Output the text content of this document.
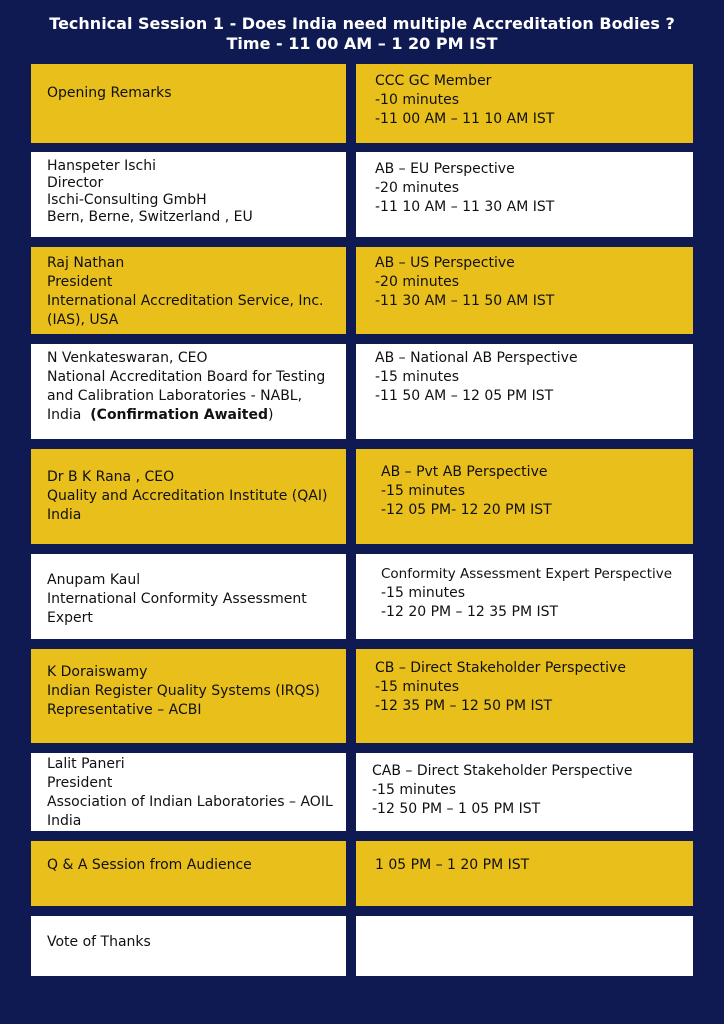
Technical Session 1 - Does India need multiple Accreditation Bodies ?
Time - 11 00 AM – 1 20 PM IST
Opening Remarks
CCC GC Member
-10 minutes
-11 00 AM – 11 10 AM IST
Hanspeter Ischi
Director
Ischi-Consulting GmbH
Bern, Berne, Switzerland , EU
AB – EU Perspective
-20 minutes
-11 10 AM – 11 30 AM IST
Raj Nathan
President
International Accreditation Service, Inc.
(IAS), USA
AB – US Perspective
-20 minutes
-11 30 AM – 11 50 AM IST
N Venkateswaran, CEO
National Accreditation Board for Testing
and Calibration Laboratories - NABL,
India  (Confirmation Awaited)
AB – National AB Perspective
-15 minutes
-11 50 AM – 12 05 PM IST
Dr B K Rana , CEO
Quality and Accreditation Institute (QAI)
India
AB – Pvt AB Perspective
-15 minutes
-12 05 PM- 12 20 PM IST
Anupam Kaul
International Conformity Assessment
Expert
Conformity Assessment Expert Perspective
-15 minutes
-12 20 PM – 12 35 PM IST
K Doraiswamy
Indian Register Quality Systems (IRQS)
Representative – ACBI
CB – Direct Stakeholder Perspective
-15 minutes
-12 35 PM – 12 50 PM IST
Lalit Paneri
President
Association of Indian Laboratories – AOIL
India
CAB – Direct Stakeholder Perspective
-15 minutes
-12 50 PM – 1 05 PM IST
Q & A Session from Audience	1 05 PM – 1 20 PM IST
Vote of Thanks
